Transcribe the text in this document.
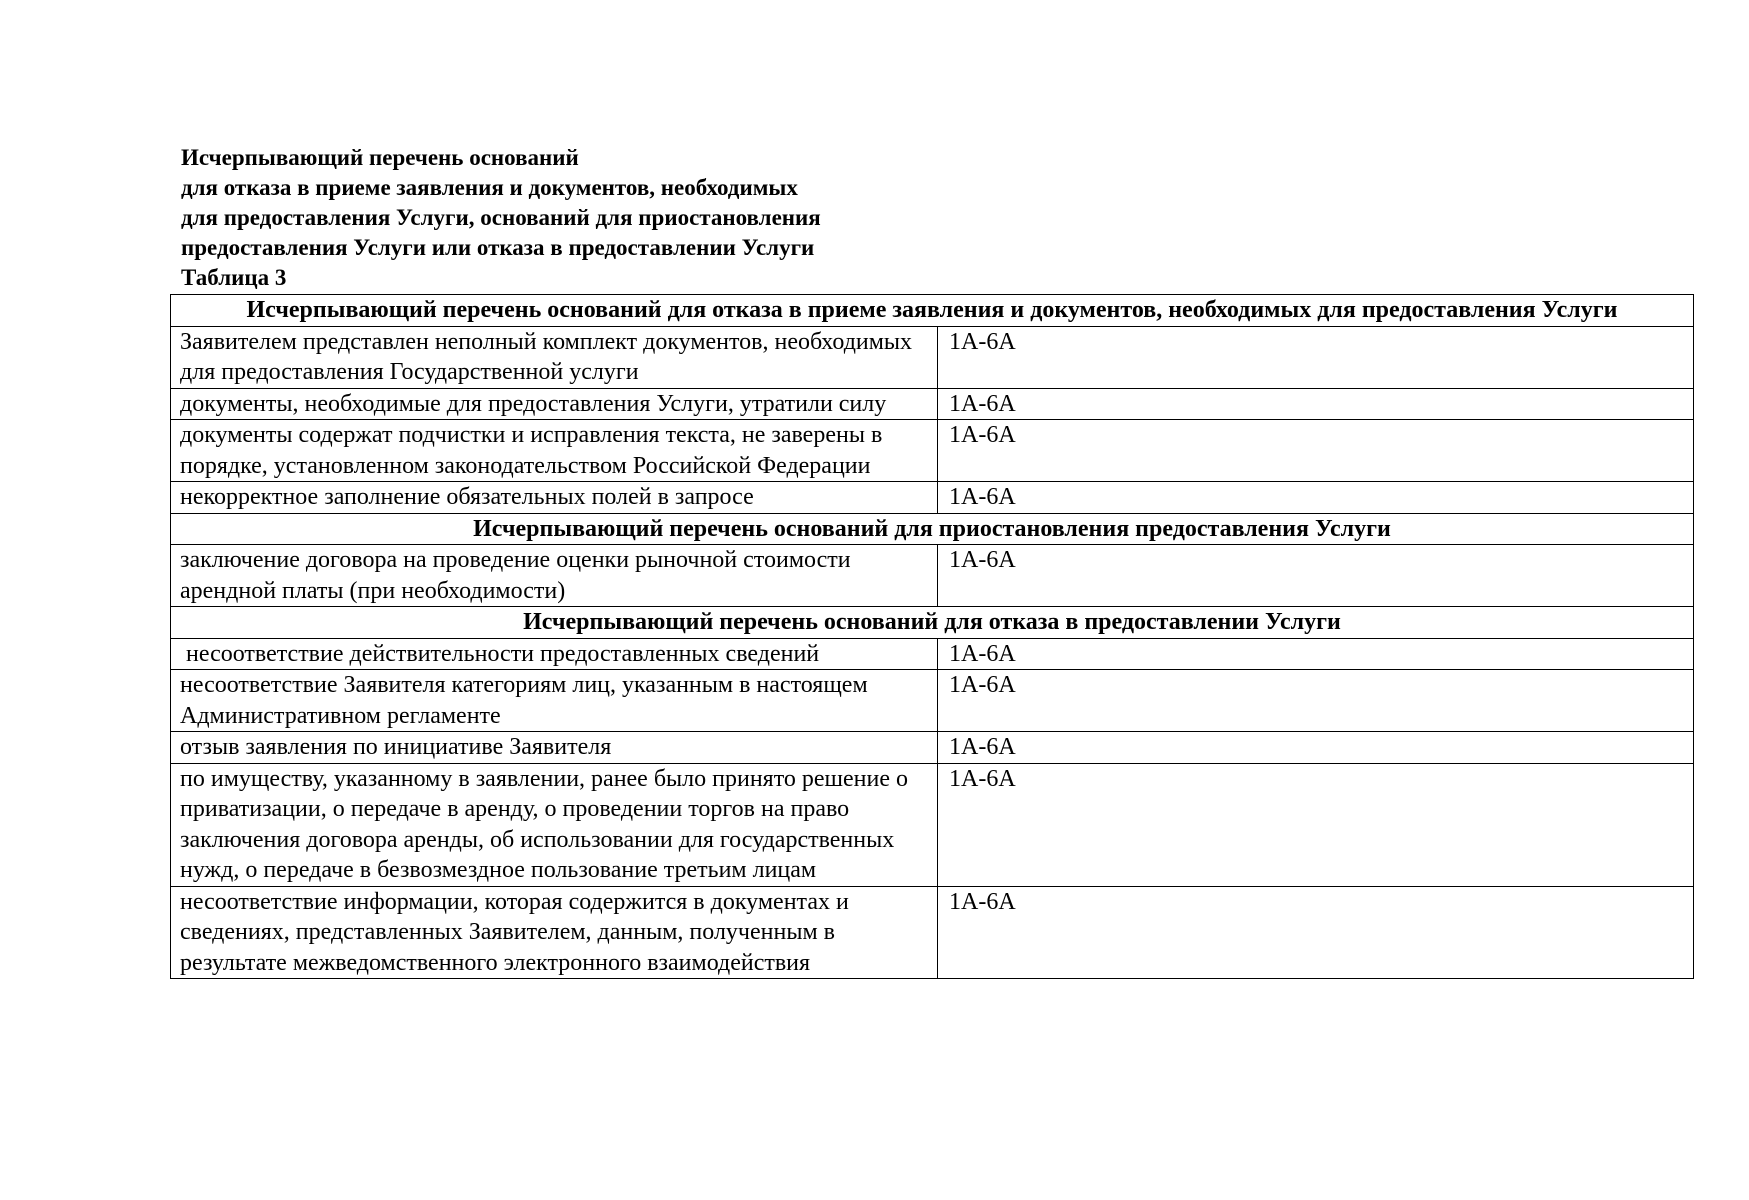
Исчерпывающий перечень оснований
для отказа в приеме заявления и документов, необходимых
для предоставления Услуги, оснований для приостановления
предоставления Услуги или отказа в предоставлении Услуги
Таблица 3
Исчерпывающий перечень оснований для отказа в приеме заявления и документов, необходимых для предоставления Услуги	
Заявителем представлен неполный комплект документов, необходимых для предоставления Государственной услуги	1А-6А
документы, необходимые для предоставления Услуги, утратили силу	1А-6А
документы содержат подчистки и исправления текста, не заверены в порядке, установленном законодательством Российской Федерации	1А-6А
некорректное заполнение обязательных полей в запросе	1А-6А
Исчерпывающий перечень оснований для приостановления предоставления Услуги	
заключение договора на проведение оценки рыночной стоимости арендной платы (при необходимости)	1А-6А
Исчерпывающий перечень оснований для отказа в предоставлении Услуги	
несоответствие действительности предоставленных сведений	1А-6А
несоответствие Заявителя категориям лиц, указанным в настоящем Административном регламенте	1А-6А
отзыв заявления по инициативе Заявителя	1А-6А
по имуществу, указанному в заявлении, ранее было принято решение о приватизации, о передаче в аренду, о проведении торгов на право заключения договора аренды, об использовании для государственных нужд, о передаче в безвозмездное пользование третьим лицам	1А-6А
несоответствие информации, которая содержится в документах и сведениях, представленных Заявителем, данным, полученным в результате межведомственного электронного взаимодействия	1А-6А
